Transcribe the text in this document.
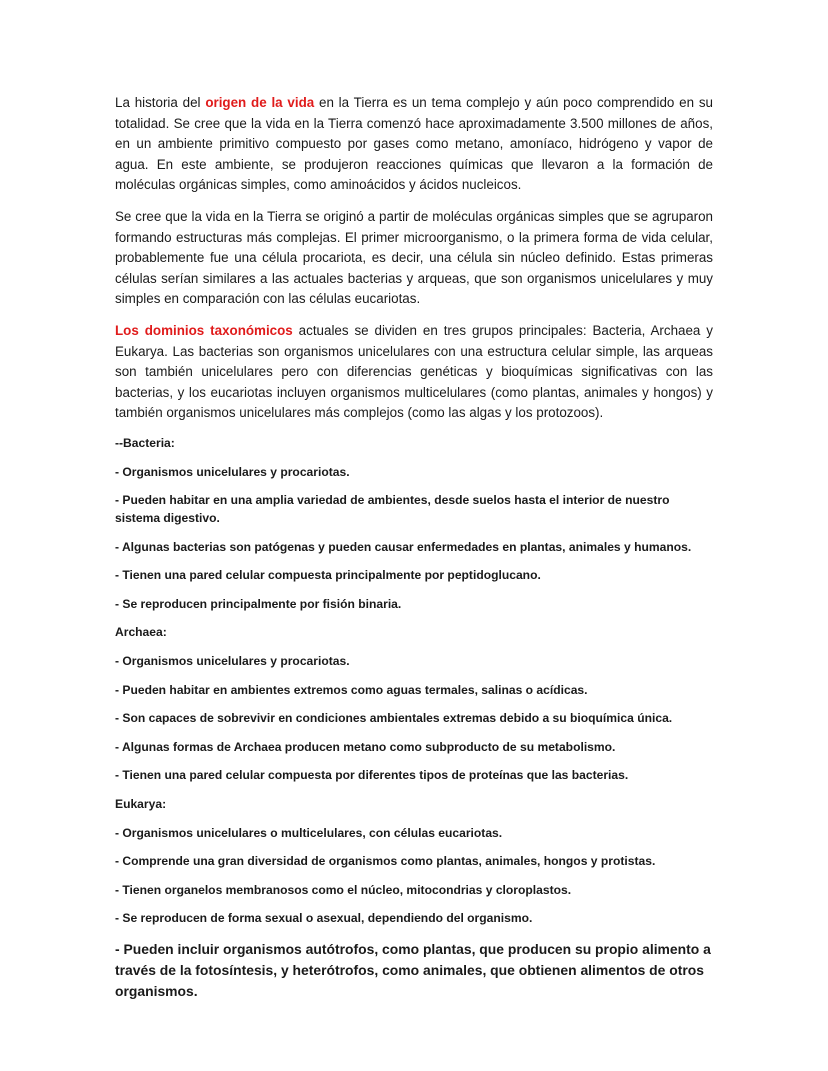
La historia del origen de la vida en la Tierra es un tema complejo y aún poco comprendido en su totalidad. Se cree que la vida en la Tierra comenzó hace aproximadamente 3.500 millones de años, en un ambiente primitivo compuesto por gases como metano, amoníaco, hidrógeno y vapor de agua. En este ambiente, se produjeron reacciones químicas que llevaron a la formación de moléculas orgánicas simples, como aminoácidos y ácidos nucleicos.

Se cree que la vida en la Tierra se originó a partir de moléculas orgánicas simples que se agruparon formando estructuras más complejas. El primer microorganismo, o la primera forma de vida celular, probablemente fue una célula procariota, es decir, una célula sin núcleo definido. Estas primeras células serían similares a las actuales bacterias y arqueas, que son organismos unicelulares y muy simples en comparación con las células eucariotas.

Los dominios taxonómicos actuales se dividen en tres grupos principales: Bacteria, Archaea y Eukarya. Las bacterias son organismos unicelulares con una estructura celular simple, las arqueas son también unicelulares pero con diferencias genéticas y bioquímicas significativas con las bacterias, y los eucariotas incluyen organismos multicelulares (como plantas, animales y hongos) y también organismos unicelulares más complejos (como las algas y los protozoos).

--Bacteria:

- Organismos unicelulares y procariotas.

- Pueden habitar en una amplia variedad de ambientes, desde suelos hasta el interior de nuestro sistema digestivo.

- Algunas bacterias son patógenas y pueden causar enfermedades en plantas, animales y humanos.

- Tienen una pared celular compuesta principalmente por peptidoglucano.

- Se reproducen principalmente por fisión binaria.

Archaea:

- Organismos unicelulares y procariotas.

- Pueden habitar en ambientes extremos como aguas termales, salinas o acídicas.

- Son capaces de sobrevivir en condiciones ambientales extremas debido a su bioquímica única.

- Algunas formas de Archaea producen metano como subproducto de su metabolismo.

- Tienen una pared celular compuesta por diferentes tipos de proteínas que las bacterias.

Eukarya:

- Organismos unicelulares o multicelulares, con células eucariotas.

- Comprende una gran diversidad de organismos como plantas, animales, hongos y protistas.

- Tienen organelos membranosos como el núcleo, mitocondrias y cloroplastos.

- Se reproducen de forma sexual o asexual, dependiendo del organismo.

- Pueden incluir organismos autótrofos, como plantas, que producen su propio alimento a través de la fotosíntesis, y heterótrofos, como animales, que obtienen alimentos de otros organismos.
